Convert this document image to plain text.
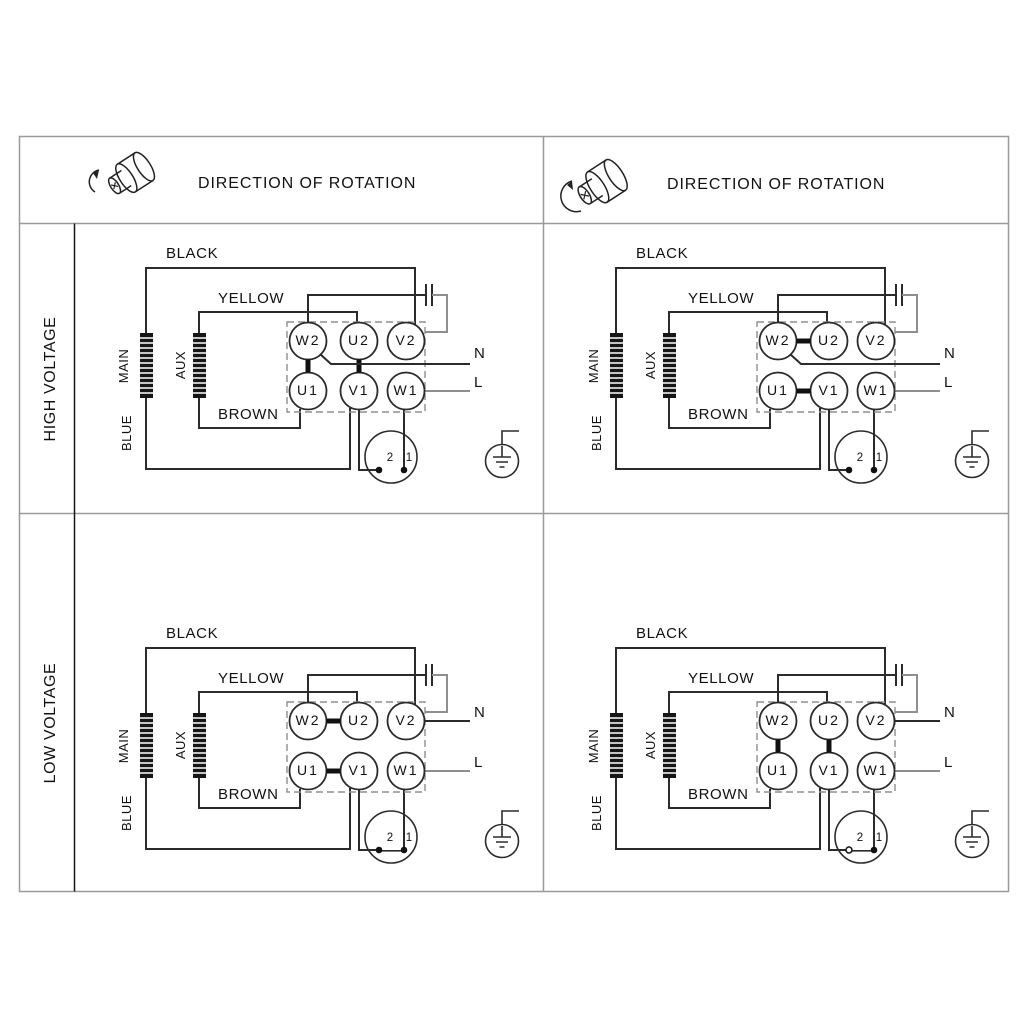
DIRECTION OF ROTATION	DIRECTION OF ROTATION
HIGH VOLTAGE
LOW VOLTAGE
BLACK
YELLOW
BROWN
MAIN	AUX
BLUE
N
L
W2	U2	V2
U1	V1	W1
2 1
BLACK
YELLOW
BROWN
MAIN	AUX
BLUE
N
L
W2	U2	V2
U1	V1	W1
2 1
BLACK
YELLOW
BROWN
MAIN	AUX
BLUE
N
L
W2	U2	V2
U1	V1	W1
2 1
BLACK
YELLOW
BROWN
MAIN	AUX
BLUE
N
L
W2	U2	V2
U1	V1	W1
2 1
